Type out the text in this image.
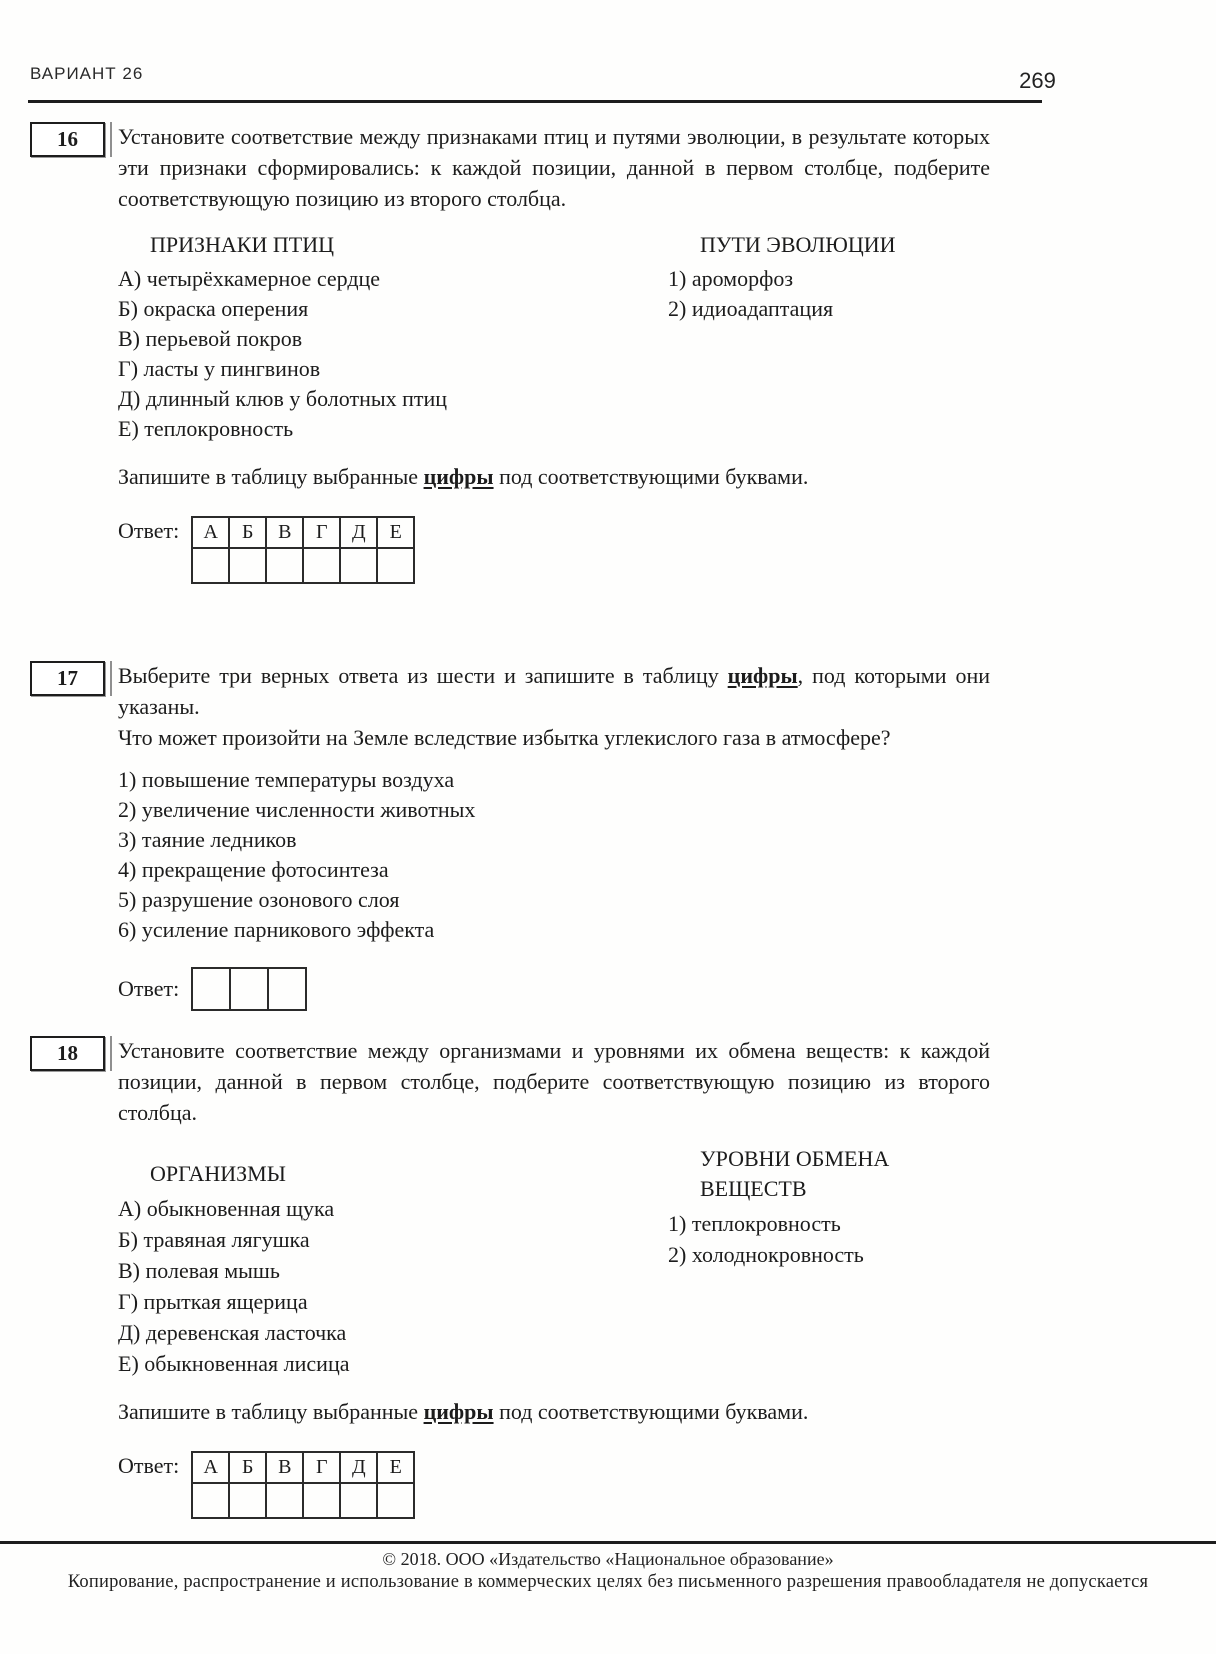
ВАРИАНТ 26	269
16	Установите соответствие между признаками птиц и путями эволюции, в результате которых эти признаки сформировались: к каждой позиции, данной в первом столбце, подберите соответствующую позицию из второго столбца.

ПРИЗНАКИ ПТИЦ
А) четырёхкамерное сердце
Б) окраска оперения
В) перьевой покров
Г) ласты у пингвинов
Д) длинный клюв у болотных птиц
Е) теплокровность
ПУТИ ЭВОЛЮЦИИ
1) ароморфоз
2) идиоадаптация

Запишите в таблицу выбранные цифры под соответствующими буквами.

Ответ: А	Б	В	Г	Д	Е

17	Выберите три верных ответа из шести и запишите в таблицу цифры, под которыми они указаны.

Что может произойти на Земле вследствие избытка углекислого газа в атмосфере?

1) повышение температуры воздуха
2) увеличение численности животных
3) таяние ледников
4) прекращение фотосинтеза
5) разрушение озонового слоя
6) усиление парникового эффекта
Ответ:

18	Установите соответствие между организмами и уровнями их обмена веществ: к каждой позиции, данной в первом столбце, подберите соответствующую позицию из второго столбца.

ОРГАНИЗМЫ
А) обыкновенная щука
Б) травяная лягушка
В) полевая мышь
Г) прыткая ящерица
Д) деревенская ласточка
Е) обыкновенная лисица
УРОВНИ ОБМЕНА
ВЕЩЕСТВ
1) теплокровность
2) холоднокровность

Запишите в таблицу выбранные цифры под соответствующими буквами.

Ответ: А	Б	В	Г	Д	Е

© 2018. ООО «Издательство «Национальное образование»
Копирование, распространение и использование в коммерческих целях без письменного разрешения правообладателя не допускается
